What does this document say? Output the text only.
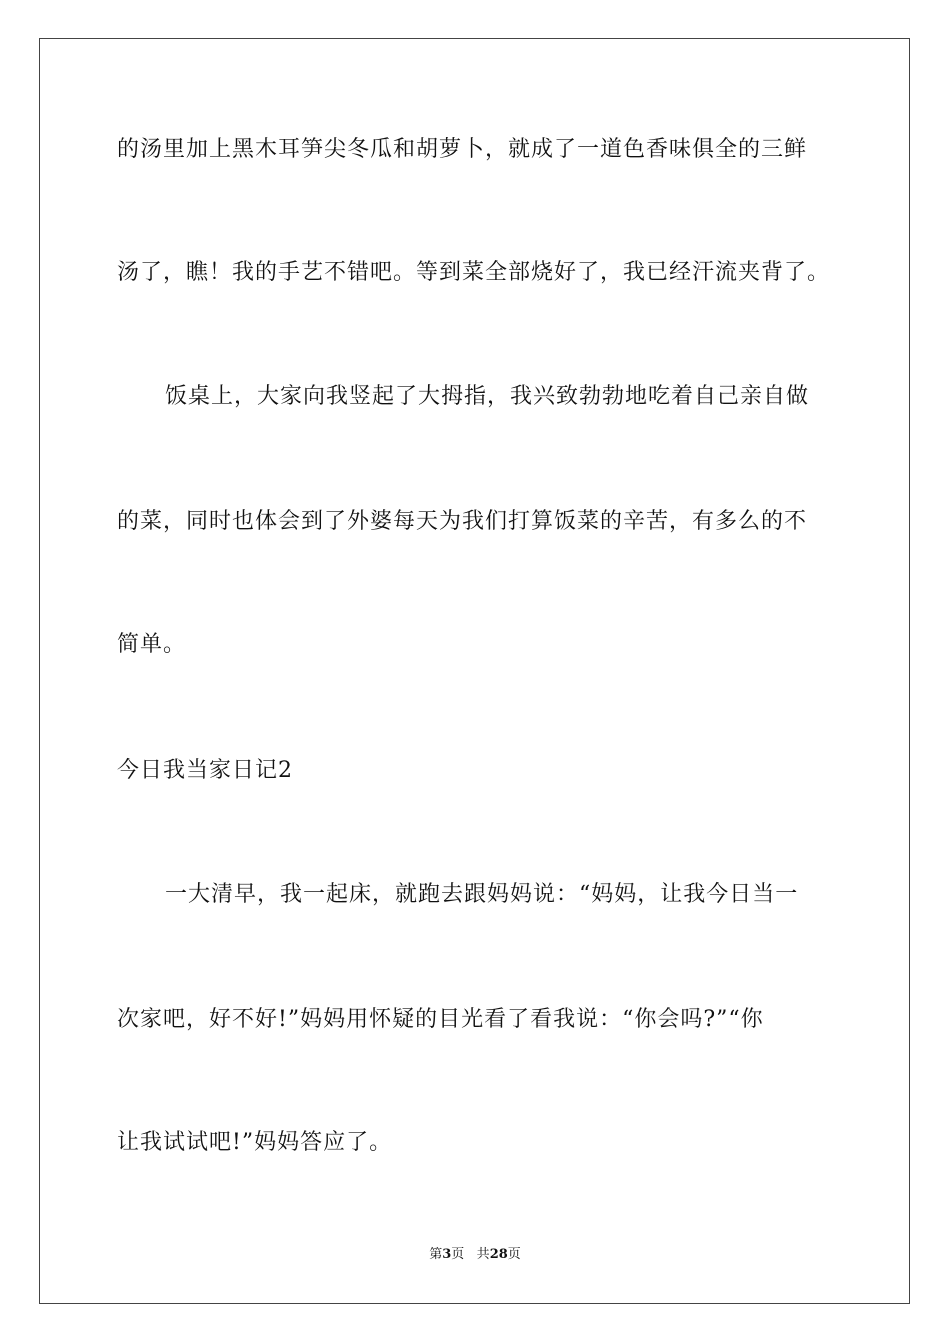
的汤里加上黑木耳笋尖冬瓜和胡萝卜，就成了一道色香味俱全的三鲜
汤了，瞧！我的手艺不错吧。等到菜全部烧好了，我已经汗流夹背了。
饭桌上，大家向我竖起了大拇指，我兴致勃勃地吃着自己亲自做
的菜，同时也体会到了外婆每天为我们打算饭菜的辛苦，有多么的不
简单。
今日我当家日记2
一大清早，我一起床，就跑去跟妈妈说：“妈妈，让我今日当一
次家吧，好不好!”妈妈用怀疑的目光看了看我说：“你会吗?”“你
让我试试吧!”妈妈答应了。
第3页 共28页
